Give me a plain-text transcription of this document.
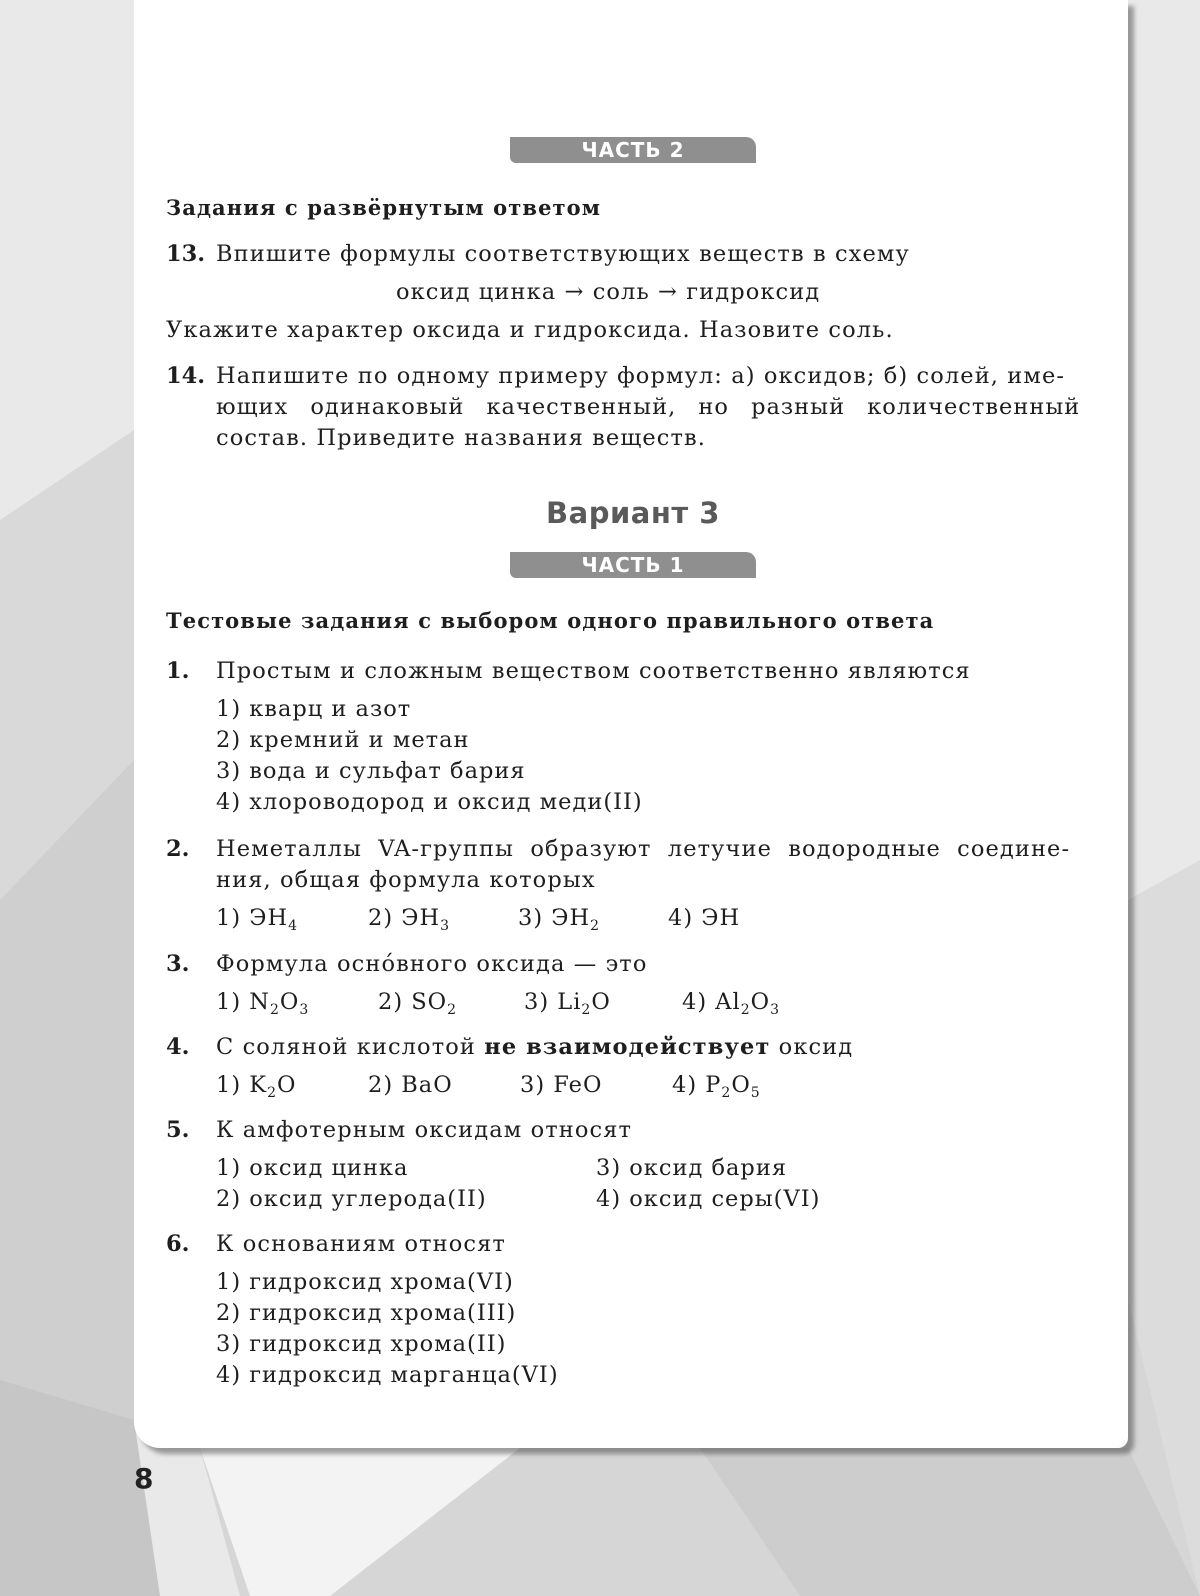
ЧАСТЬ 2
Задания с развёрнутым ответом
13. Впишите формулы соответствующих веществ в схему
оксид цинка → соль → гидроксид
Укажите характер оксида и гидроксида. Назовите соль.
14. Напишите по одному примеру формул: а) оксидов; б) солей, име-
ющих одинаковый качественный, но разный количественный
состав. Приведите названия веществ.
Вариант 3
ЧАСТЬ 1
Тестовые задания с выбором одного правильного ответа
1. Простым и сложным веществом соответственно являются
1) кварц и азот
2) кремний и метан
3) вода и сульфат бария
4) хлороводород и оксид меди(II)
2. Неметаллы VA-группы образуют летучие водородные соедине-
ния, общая формула которых
1) $ЭН_4$	2) $ЭН_3$	3) $ЭН_2$	4) ЭН
3. Формула основного оксида — это
1) $N_2O_3$	2) $SO_2$	3) $Li_2O$	4) $Al_2O_3$
4. С соляной кислотой не взаимодействует оксид
1) $K_2O$	2) BaO	3) FeO	4) $P_2O_5$
5. К амфотерным оксидам относят
1) оксид цинка	3) оксид бария
2) оксид углерода(II)	4) оксид серы(VI)
6. К основаниям относят
1) гидроксид хрома(VI)
2) гидроксид хрома(III)
3) гидроксид хрома(II)
4) гидроксид марганца(VI)
8
